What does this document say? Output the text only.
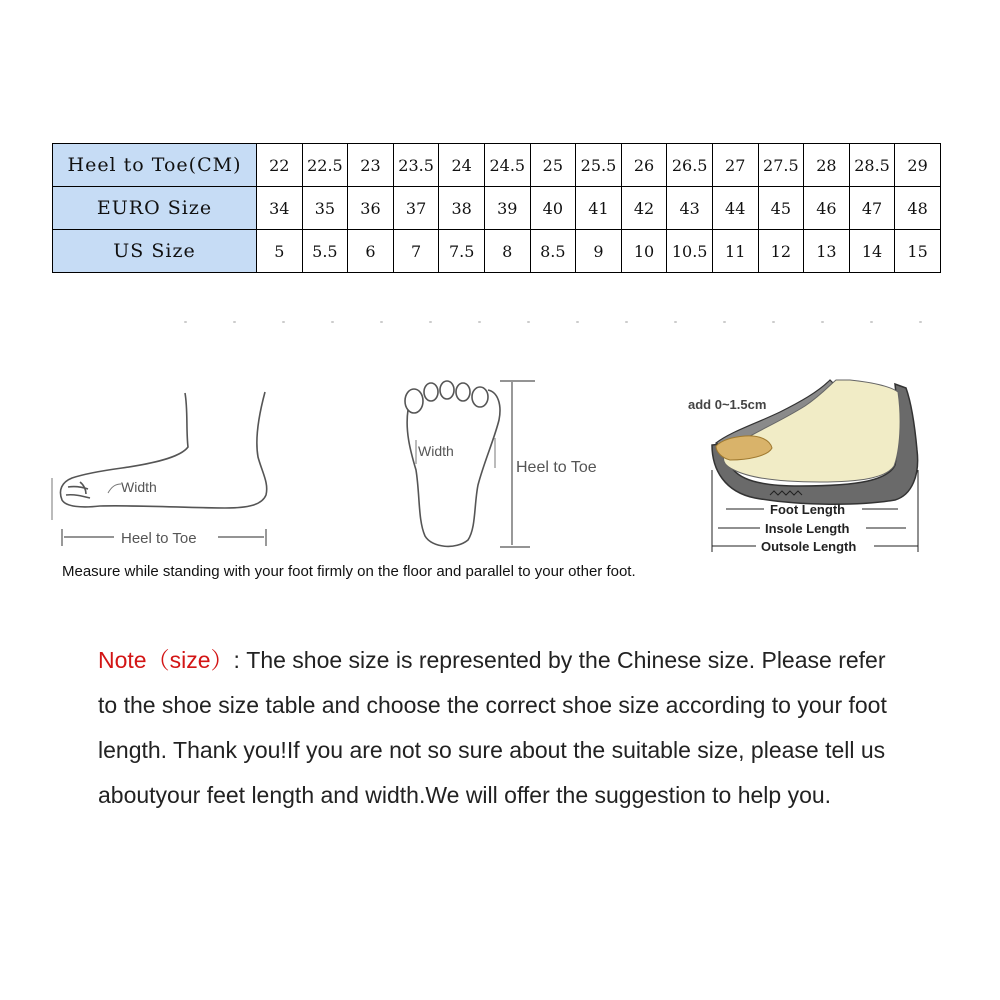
Heel to Toe(CM)	22	22.5	23	23.5	24	24.5	25	25.5	26	26.5	27	27.5	28	28.5	29
EURO Size	34	35	36	37	38	39	40	41	42	43	44	45	46	47	48
US Size	5	5.5	6	7	7.5	8	8.5	9	10	10.5	11	12	13	14	15
Width
Heel to Toe
Width
Heel to Toe
add 0~1.5cm
Foot Length
Insole Length
Outsole Length
Measure while standing with your foot firmly on the floor and parallel to your other foot.
Note（size）: The shoe size is represented by the Chinese size. Please refer to the shoe size table and choose the correct shoe size according to your foot length. Thank you!If you are not so sure about the suitable size, please tell us aboutyour feet length and width.We will offer the suggestion to help you.
